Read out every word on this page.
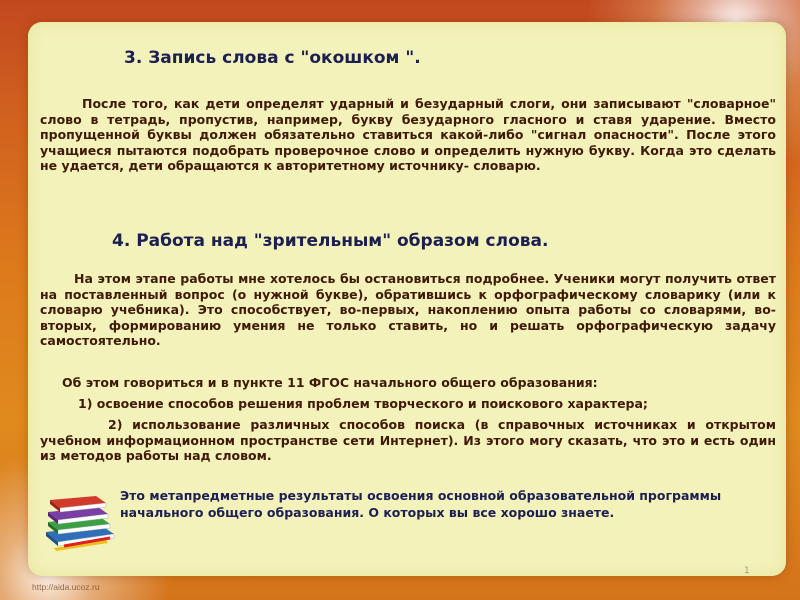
3. Запись слова с "окошком ".

После того, как дети определят ударный и безударный слоги, они записывают "словарное" слово в тетрадь, пропустив, например, букву безударного гласного и ставя ударение. Вместо пропущенной буквы должен обязательно ставиться какой-либо "сигнал опасности". После этого учащиеся пытаются подобрать проверочное слово и определить нужную букву. Когда это сделать не удается, дети обращаются к авторитетному источнику- словарю.

4. Работа над "зрительным" образом слова.

На этом этапе работы мне хотелось бы остановиться подробнее. Ученики могут получить ответ на поставленный вопрос (о нужной букве), обратившись к орфографическому словарику (или к словарю учебника). Это способствует, во-первых, накоплению опыта работы со словарями, во-вторых, формированию умения не только ставить, но и решать орфографическую задачу самостоятельно.

Об этом говориться и в пункте 11 ФГОС начального общего образования:
1) освоение способов решения проблем творческого и поискового характера;

2) использование различных способов поиска (в справочных источниках и открытом учебном информационном пространстве сети Интернет). Из этого могу сказать, что это и есть один из методов работы над словом.

Это метапредметные результаты освоения основной образовательной программы начального общего образования. О которых вы все хорошо знаете.
1
http://aida.ucoz.ru
